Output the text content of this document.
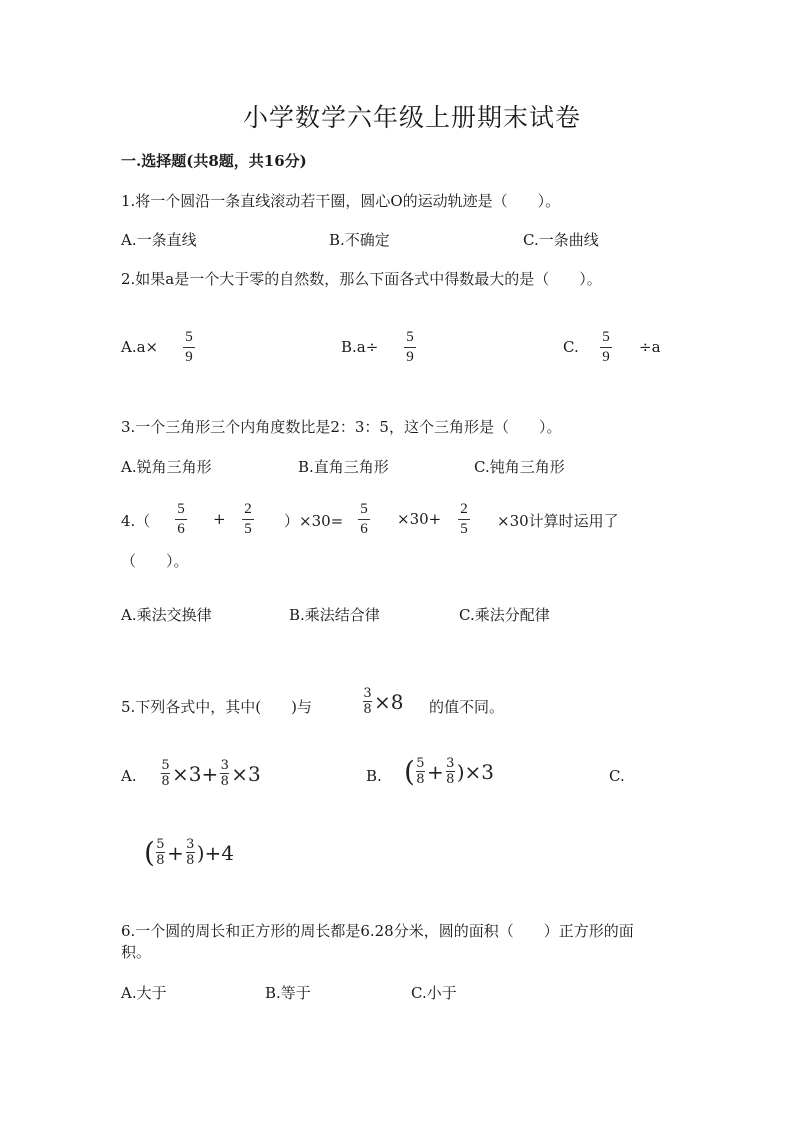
小学数学六年级上册期末试卷
一.选择题(共8题，共16分)
1.将一个圆沿一条直线滚动若干圈，圆心O的运动轨迹是（　　）。
A.一条直线	B.不确定	C.一条曲线
2.如果a是一个大于零的自然数，那么下面各式中得数最大的是（　　）。
A.a×
5
9
B.a÷
5
9
C.
5
9
÷a
3.一个三角形三个内角度数比是2：3：5，这个三角形是（　　）。
A.锐角三角形	B.直角三角形	C.钝角三角形
4.（
5
6
+
2
5 ）×30=
5
6
×30+
2
5 ×30计算时运用了
（　　）。
A.乘法交换律	B.乘法结合律	C.乘法分配律
5.下列各式中，其中(　　)与
3
8 ×8 的值不同。
A.
5
8 ×3+ 3
8 ×3	B. ( 5
8 + 3
8 )×3	C.
( 5
8 + 3
8 )+4
6.一个圆的周长和正方形的周长都是6.28分米，圆的面积（　　）正方形的面
积。
A.大于	B.等于	C.小于
